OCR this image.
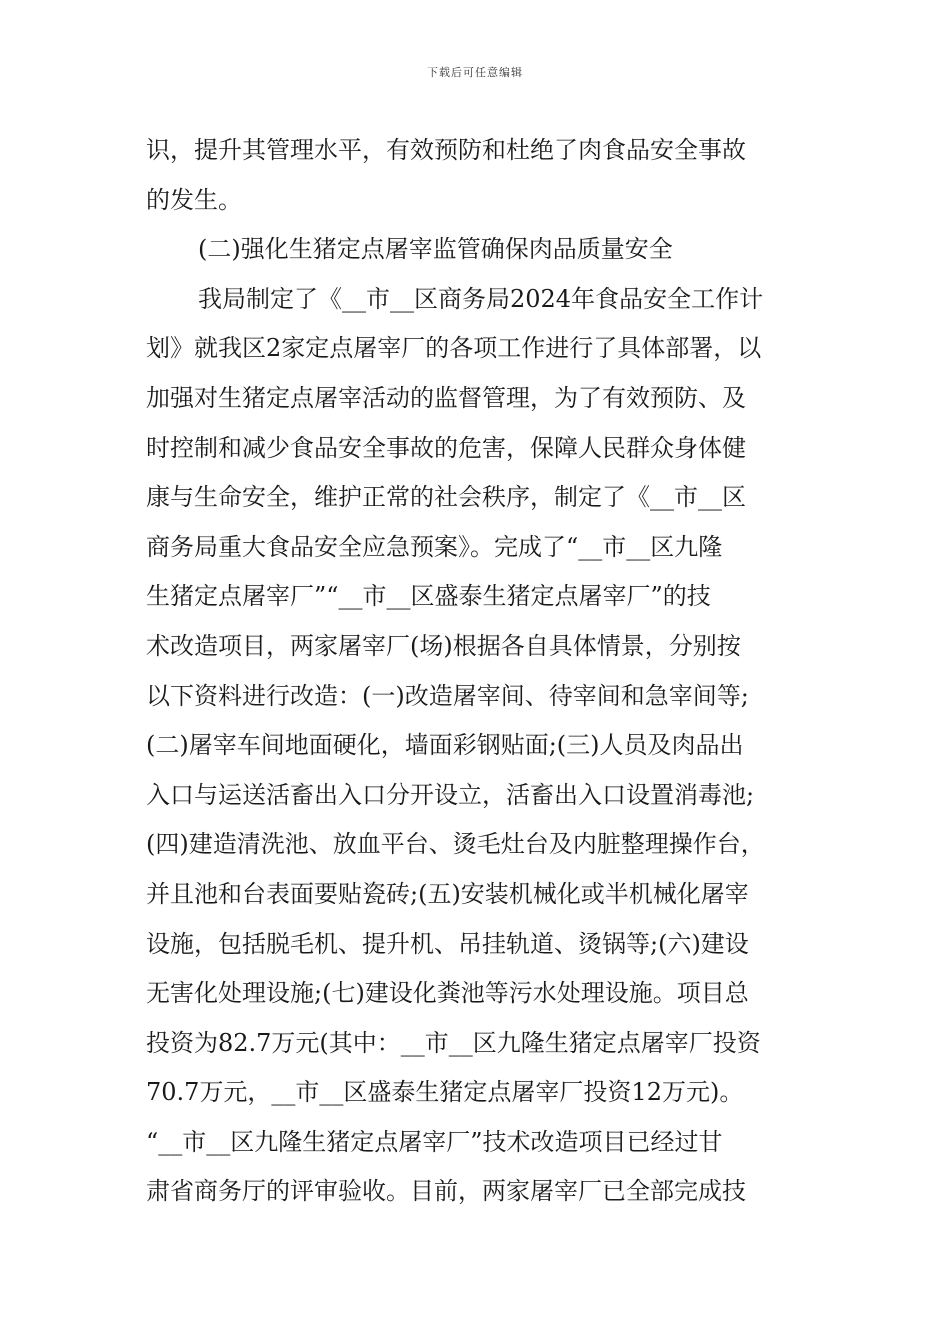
下载后可任意编辑
识，提升其管理水平，有效预防和杜绝了肉食品安全事故
的发生。
(二)强化生猪定点屠宰监管确保肉品质量安全
我局制定了《__市__区商务局2024年食品安全工作计
划》就我区2家定点屠宰厂的各项工作进行了具体部署，以
加强对生猪定点屠宰活动的监督管理，为了有效预防、及
时控制和减少食品安全事故的危害，保障人民群众身体健
康与生命安全，维护正常的社会秩序，制定了《__市__区
商务局重大食品安全应急预案》。完成了“__市__区九隆
生猪定点屠宰厂”“__市__区盛泰生猪定点屠宰厂”的技
术改造项目，两家屠宰厂(场)根据各自具体情景，分别按
以下资料进行改造：(一)改造屠宰间、待宰间和急宰间等;
(二)屠宰车间地面硬化，墙面彩钢贴面;(三)人员及肉品出
入口与运送活畜出入口分开设立，活畜出入口设置消毒池;
(四)建造清洗池、放血平台、烫毛灶台及内脏整理操作台，
并且池和台表面要贴瓷砖;(五)安装机械化或半机械化屠宰
设施，包括脱毛机、提升机、吊挂轨道、烫锅等;(六)建设
无害化处理设施;(七)建设化粪池等污水处理设施。项目总
投资为82.7万元(其中：__市__区九隆生猪定点屠宰厂投资
70.7万元，__市__区盛泰生猪定点屠宰厂投资12万元)。
“__市__区九隆生猪定点屠宰厂”技术改造项目已经过甘
肃省商务厅的评审验收。目前，两家屠宰厂已全部完成技
